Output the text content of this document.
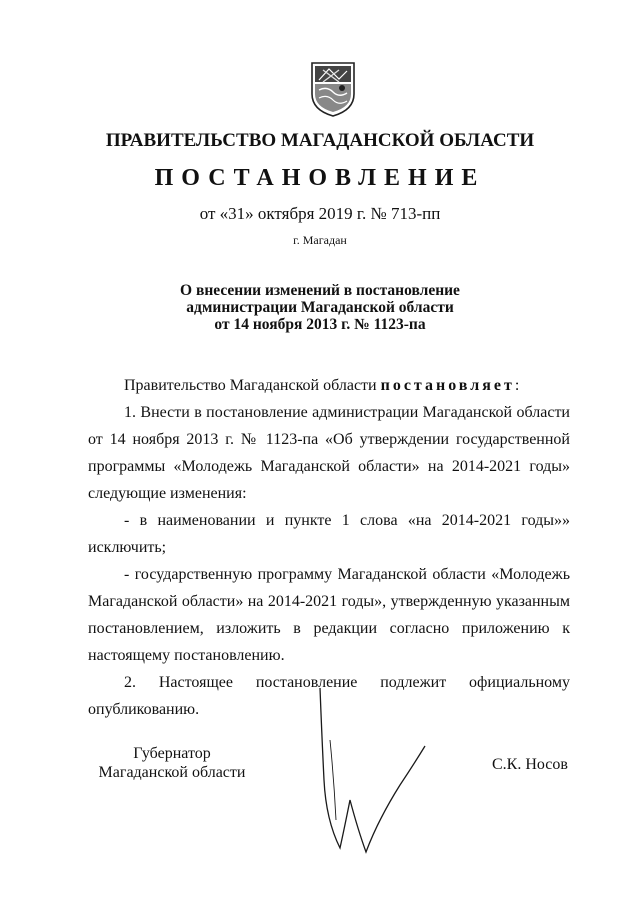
ПРАВИТЕЛЬСТВО МАГАДАНСКОЙ ОБЛАСТИ
ПОСТАНОВЛЕНИЕ
от «31» октября 2019 г. № 713-пп
г. Магадан
О внесении изменений в постановление
администрации Магаданской области
от 14 ноября 2013 г. № 1123-па

Правительство Магаданской области постановляет:

1. Внести в постановление администрации Магаданской области от 14 ноября 2013 г. № 1123-па «Об утверждении государственной программы «Молодежь Магаданской области» на 2014-2021 годы» следующие изменения:

- в наименовании и пункте 1 слова «на 2014-2021 годы»» исключить;

- государственную программу Магаданской области «Молодежь Магаданской области» на 2014-2021 годы», утвержденную указанным постановлением, изложить в редакции согласно приложению к настоящему постановлению.

2. Настоящее постановление подлежит официальному опубликованию.

Губернатор
Магаданской области	С.К. Носов
